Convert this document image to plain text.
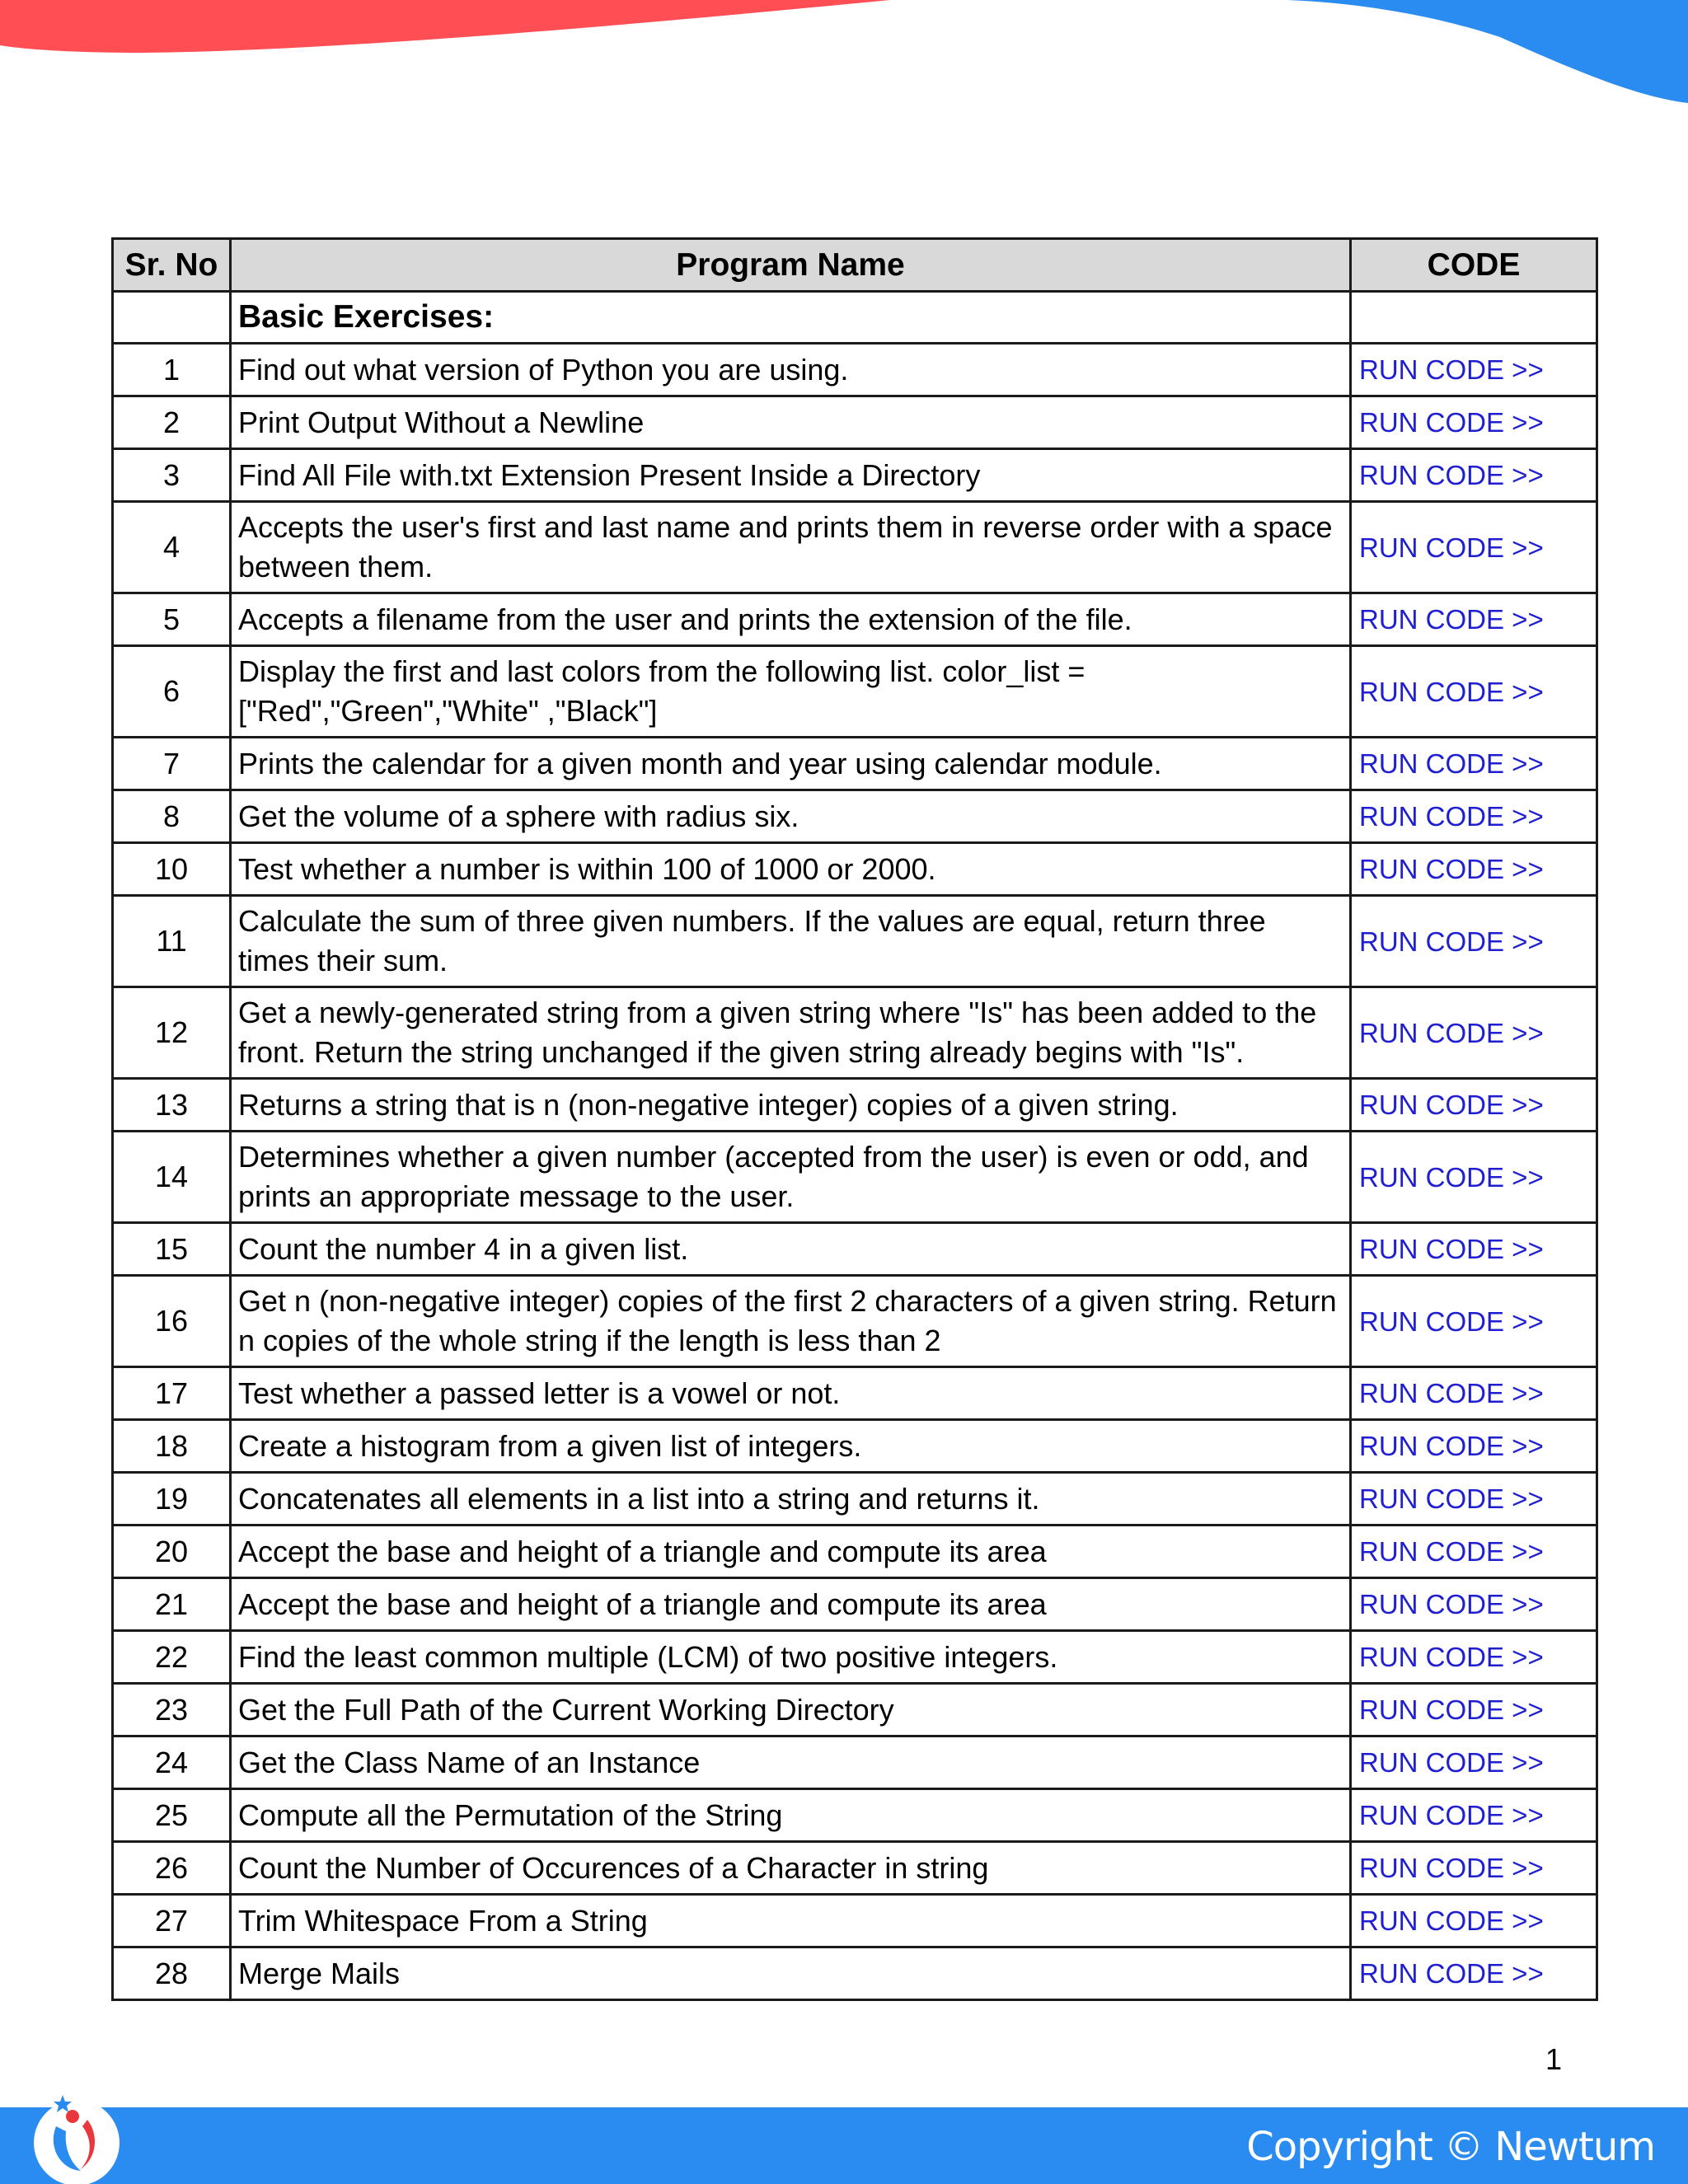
Sr. No	Program Name	CODE
	Basic Exercises:	
1	Find out what version of Python you are using.	RUN CODE >>
2	Print Output Without a Newline	RUN CODE >>
3	Find All File with.txt Extension Present Inside a Directory	RUN CODE >>
4	Accepts the user's first and last name and prints them in reverse order with a space between them.	RUN CODE >>
5	Accepts a filename from the user and prints the extension of the file.	RUN CODE >>
6	Display the first and last colors from the following list. color_list = ["Red","Green","White" ,"Black"]	RUN CODE >>
7	Prints the calendar for a given month and year using calendar module.	RUN CODE >>
8	Get the volume of a sphere with radius six.	RUN CODE >>
10	Test whether a number is within 100 of 1000 or 2000.	RUN CODE >>
11	Calculate the sum of three given numbers. If the values are equal, return three times their sum.	RUN CODE >>
12	Get a newly-generated string from a given string where "Is" has been added to the front. Return the string unchanged if the given string already begins with "Is".	RUN CODE >>
13	Returns a string that is n (non-negative integer) copies of a given string.	RUN CODE >>
14	Determines whether a given number (accepted from the user) is even or odd, and prints an appropriate message to the user.	RUN CODE >>
15	Count the number 4 in a given list.	RUN CODE >>
16	Get n (non-negative integer) copies of the first 2 characters of a given string. Return n copies of the whole string if the length is less than 2	RUN CODE >>
17	Test whether a passed letter is a vowel or not.	RUN CODE >>
18	Create a histogram from a given list of integers.	RUN CODE >>
19	Concatenates all elements in a list into a string and returns it.	RUN CODE >>
20	Accept the base and height of a triangle and compute its area	RUN CODE >>
21	Accept the base and height of a triangle and compute its area	RUN CODE >>
22	Find the least common multiple (LCM) of two positive integers.	RUN CODE >>
23	Get the Full Path of the Current Working Directory	RUN CODE >>
24	Get the Class Name of an Instance	RUN CODE >>
25	Compute all the Permutation of the String	RUN CODE >>
26	Count the Number of Occurences of a Character in string	RUN CODE >>
27	Trim Whitespace From a String	RUN CODE >>
28	Merge Mails	RUN CODE >>
1
Copyright © Newtum
